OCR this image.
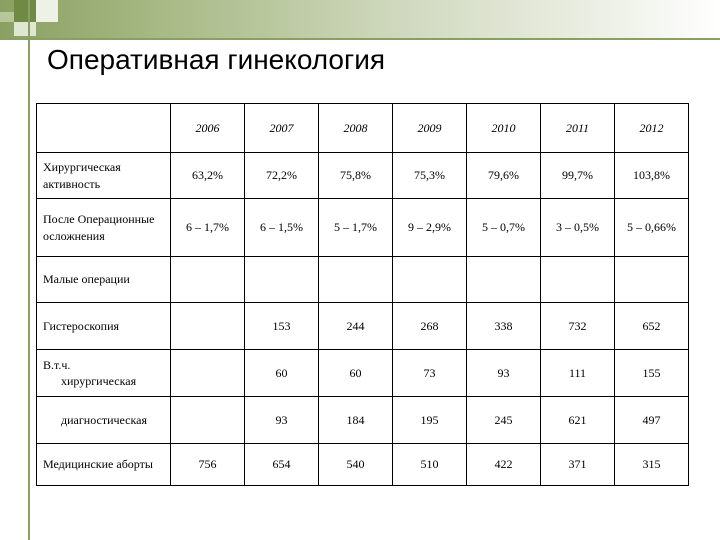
Оперативная гинекология
	2006	2007	2008	2009	2010	2011	2012
Хирургическая активность	63,2%	72,2%	75,8%	75,3%	79,6%	99,7%	103,8%
После Операционные осложнения	6 – 1,7%	6 – 1,5%	5 – 1,7%	9 – 2,9%	5 – 0,7%	3 – 0,5%	5 – 0,66%
Малые операции							
Гистероскопия		153	244	268	338	732	652
В.т.ч.
хирургическая		60	60	73	93	111	155
диагностическая		93	184	195	245	621	497
Медицинские аборты	756	654	540	510	422	371	315
